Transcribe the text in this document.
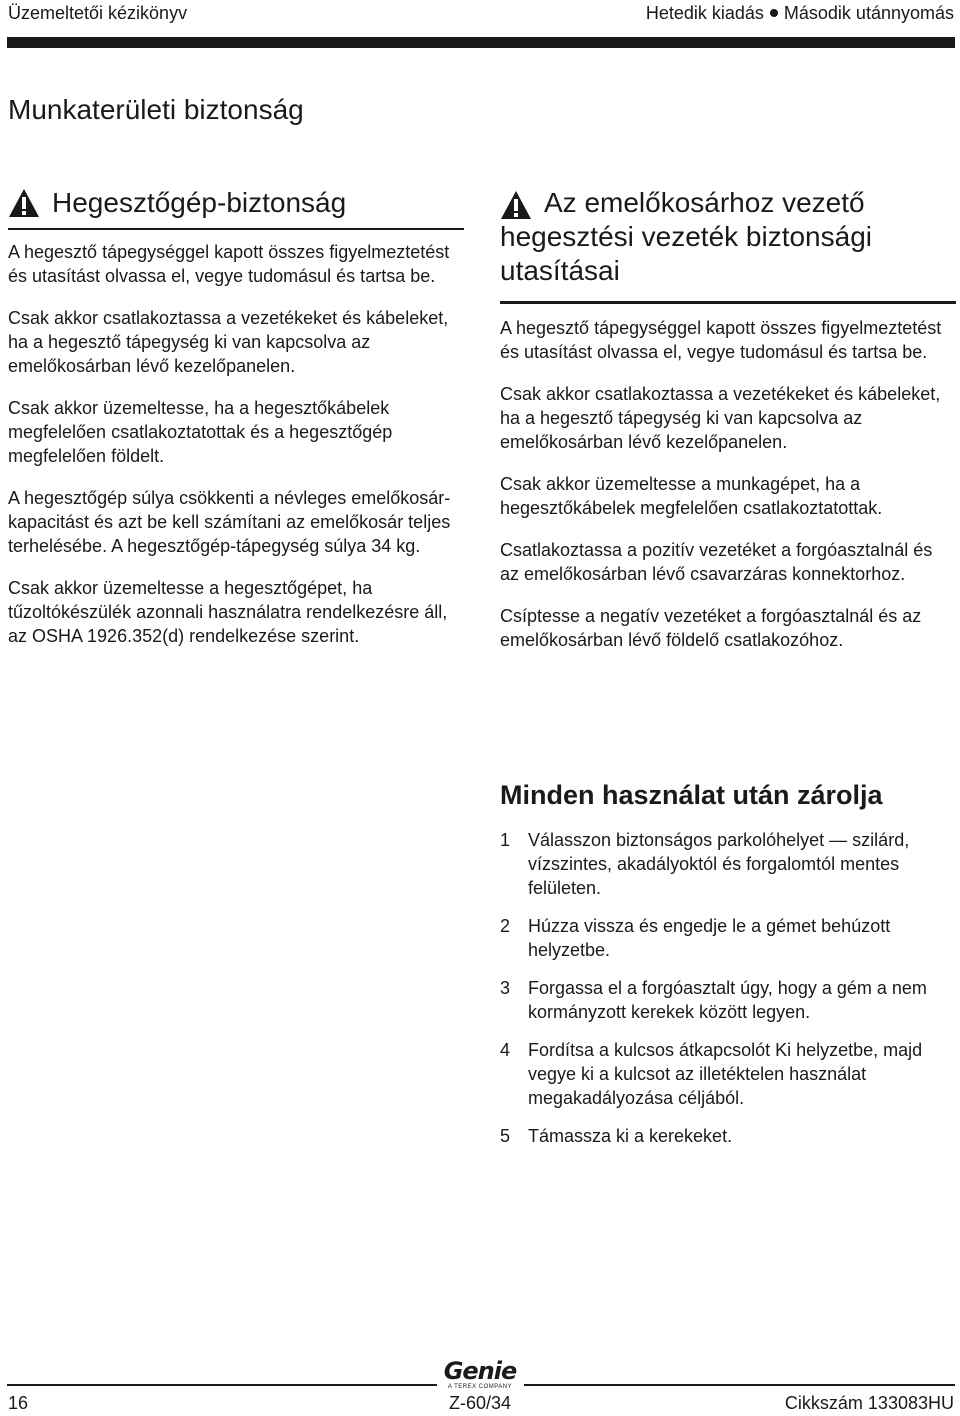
Üzemeltetői kézikönyv	Hetedik kiadás Második utánnyomás
Munkaterületi biztonság
Hegesztőgép-biztonság

A hegesztő tápegységgel kapott összes figyelmeztetést és utasítást olvassa el, vegye tudomásul és tartsa be.

Csak akkor csatlakoztassa a vezetékeket és kábeleket, ha a hegesztő tápegység ki van kapcsolva az emelőkosárban lévő kezelőpanelen.

Csak akkor üzemeltesse, ha a hegesztőkábelek megfelelően csatlakoztatottak és a hegesztőgép megfelelően földelt.

A hegesztőgép súlya csökkenti a névleges emelőkosár-kapacitást és azt be kell számítani az emelőkosár teljes terhelésébe. A hegesztőgép-tápegység súlya 34 kg.

Csak akkor üzemeltesse a hegesztőgépet, ha tűzoltókészülék azonnali használatra rendelkezésre áll, az OSHA 1926.352(d) rendelkezése szerint.

Az emelőkosárhoz vezető hegesztési vezeték biztonsági utasításai

A hegesztő tápegységgel kapott összes figyelmeztetést és utasítást olvassa el, vegye tudomásul és tartsa be.

Csak akkor csatlakoztassa a vezetékeket és kábeleket, ha a hegesztő tápegység ki van kapcsolva az emelőkosárban lévő kezelőpanelen.

Csak akkor üzemeltesse a munkagépet, ha a hegesztőkábelek megfelelően csatlakoztatottak.

Csatlakoztassa a pozitív vezetéket a forgóasztalnál és az emelőkosárban lévő csavarzáras konnektorhoz.

Csíptesse a negatív vezetéket a forgóasztalnál és az emelőkosárban lévő földelő csatlakozóhoz.

Minden használat után zárolja
1 Válasszon biztonságos parkolóhelyet — szilárd, vízszintes, akadályoktól és forgalomtól mentes felületen.
2 Húzza vissza és engedje le a gémet behúzott helyzetbe.
3 Forgassa el a forgóasztalt úgy, hogy a gém a nem kormányzott kerekek között legyen.
4 Fordítsa a kulcsos átkapcsolót Ki helyzetbe, majd vegye ki a kulcsot az illetéktelen használat megakadályozása céljából.
5 Támassza ki a kerekeket.
Genie
A TEREX COMPANY
16	Z-60/34	Cikkszám 133083HU
